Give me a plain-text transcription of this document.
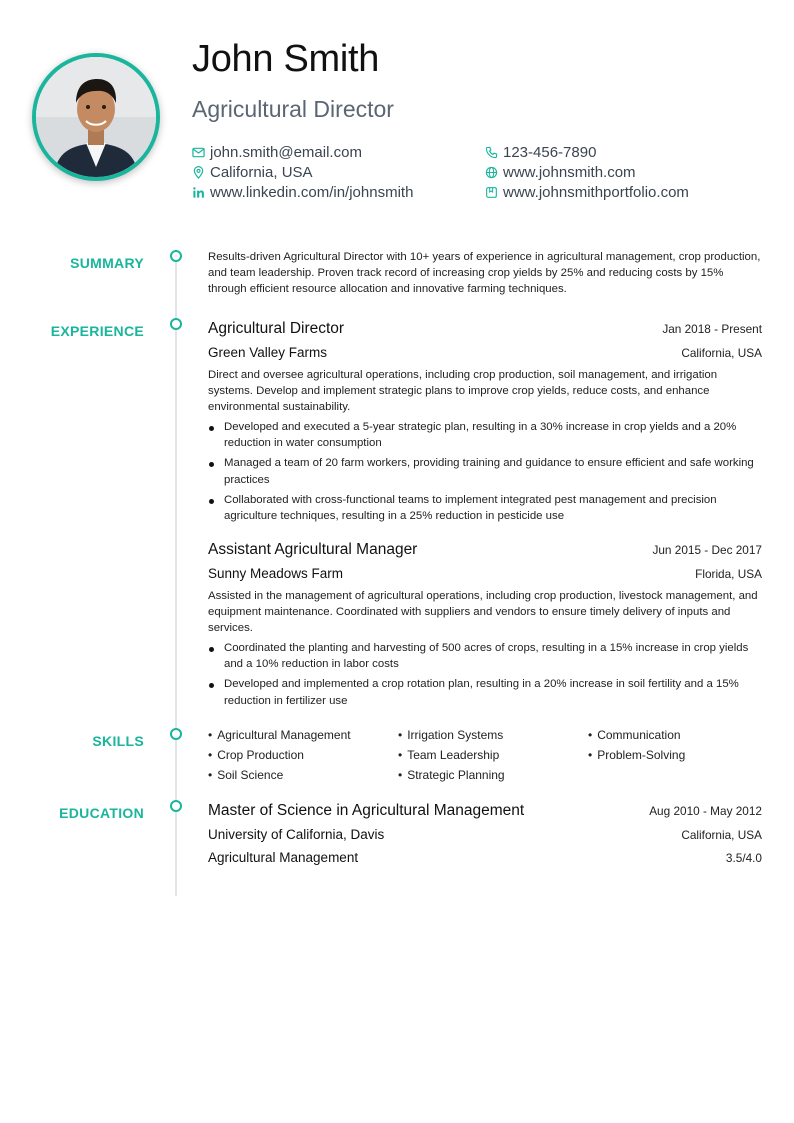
John Smith
Agricultural Director
john.smith@email.com
California, USA
www.linkedin.com/in/johnsmith
123-456-7890
www.johnsmith.com
www.johnsmithportfolio.com
SUMMARY	Results-driven Agricultural Director with 10+ years of experience in agricultural management, crop production, and team leadership. Proven track record of increasing crop yields by 25% and reducing costs by 15% through efficient resource allocation and innovative farming techniques.
EXPERIENCE	Agricultural Director	Jan 2018 - Present
Green Valley Farms	California, USA
Direct and oversee agricultural operations, including crop production, soil management, and irrigation systems. Develop and implement strategic plans to improve crop yields, reduce costs, and enhance environmental sustainability.
Developed and executed a 5-year strategic plan, resulting in a 30% increase in crop yields and a 20% reduction in water consumption
Managed a team of 20 farm workers, providing training and guidance to ensure efficient and safe working practices
Collaborated with cross-functional teams to implement integrated pest management and precision agriculture techniques, resulting in a 25% reduction in pesticide use
Assistant Agricultural Manager	Jun 2015 - Dec 2017
Sunny Meadows Farm	Florida, USA
Assisted in the management of agricultural operations, including crop production, livestock management, and equipment maintenance. Coordinated with suppliers and vendors to ensure timely delivery of inputs and services.
Coordinated the planting and harvesting of 500 acres of crops, resulting in a 15% increase in crop yields and a 10% reduction in labor costs
Developed and implemented a crop rotation plan, resulting in a 20% increase in soil fertility and a 15% reduction in fertilizer use
SKILLS
•	Agricultural Management
• Crop Production
• Soil Science
• Irrigation Systems
• Team Leadership
• Strategic Planning
• Communication
• Problem-Solving
EDUCATION	Master of Science in Agricultural Management	Aug 2010 - May 2012
University of California, Davis	California, USA
Agricultural Management	3.5/4.0
